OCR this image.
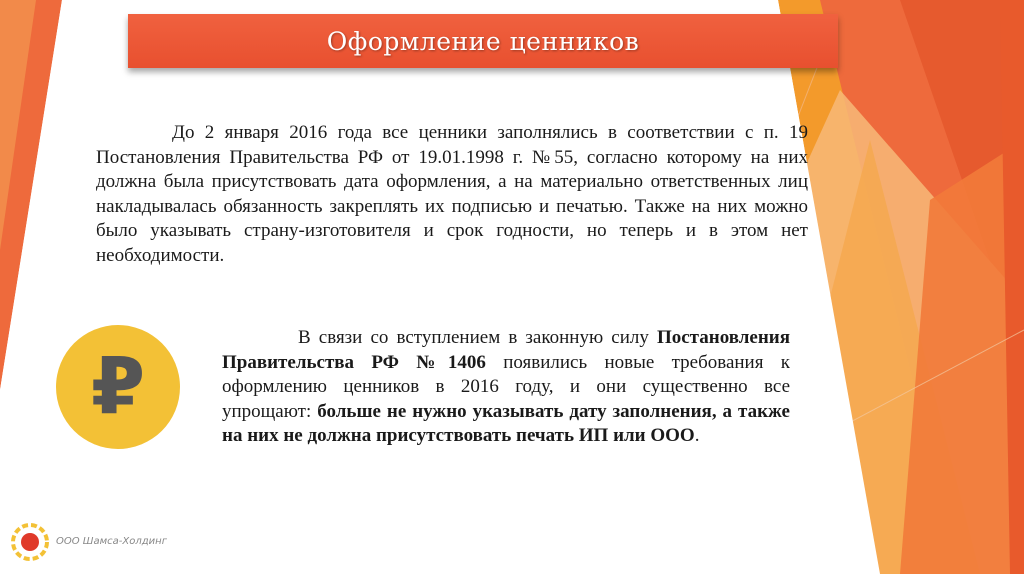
Оформление ценников

До 2 января 2016 года все ценники заполнялись в соответствии с п. 19 Постановления Правительства РФ от 19.01.1998 г. №55, согласно которому на них должна была присутствовать дата оформления, а на материально ответственных лиц накладывалась обязанность закреплять их подписью и печатью. Также на них можно было указывать страну-изготовителя и срок годности, но теперь и в этом нет необходимости.

₽

В связи со вступлением в законную силу Постановления Правительства РФ №1406 появились новые требования к оформлению ценников в 2016 году, и они существенно все упрощают: больше не нужно указывать дату заполнения, а также на них не должна присутствовать печать ИП или ООО.

ООО Шамса-Холдинг
